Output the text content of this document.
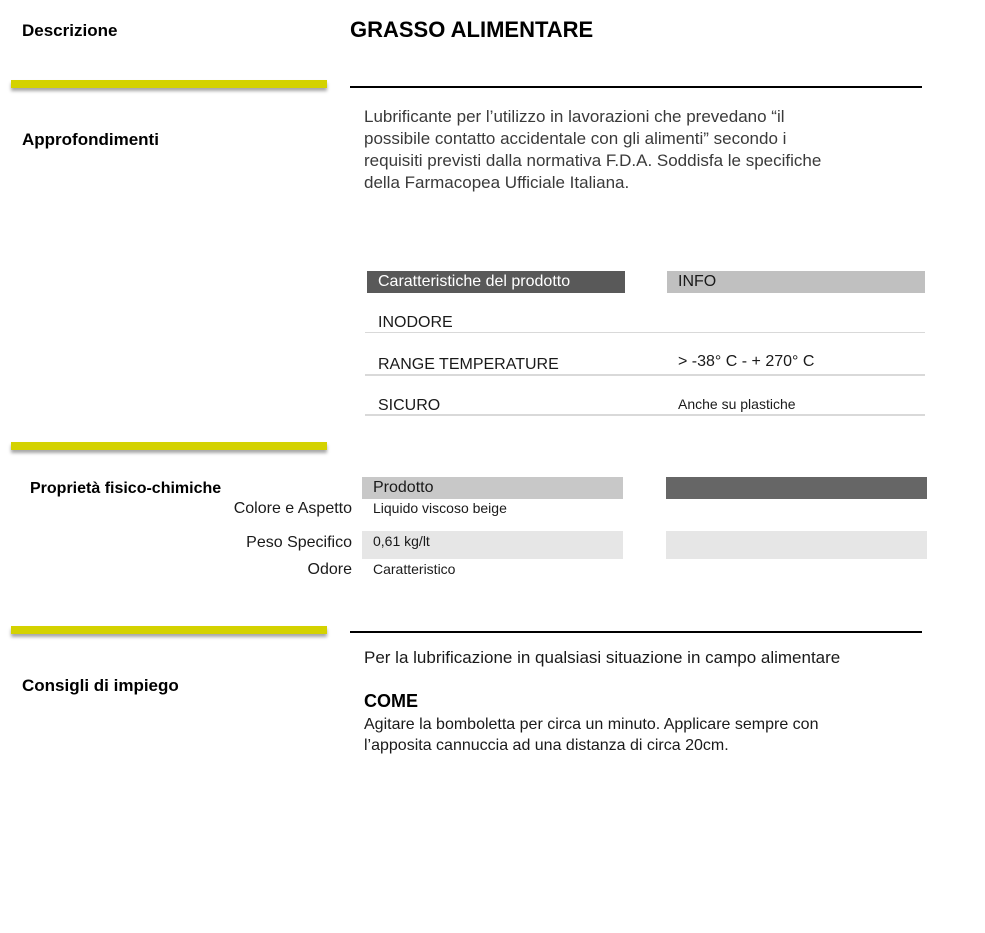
Descrizione	GRASSO ALIMENTARE
Approfondimenti
Lubrificante per l’utilizzo in lavorazioni che prevedano “il
possibile contatto accidentale con gli alimenti” secondo i
requisiti previsti dalla normativa F.D.A. Soddisfa le specifiche
della Farmacopea Ufficiale Italiana.
Caratteristiche del prodotto	INFO
INODORE
RANGE TEMPERATURE	> -38° C - + 270° C
SICURO	Anche su plastiche
Proprietà fisico-chimiche	Prodotto
Colore e Aspetto Liquido viscoso beige
Peso Specifico 0,61 kg/lt
Odore Caratteristico
Consigli di impiego
Per la lubrificazione in qualsiasi situazione in campo alimentare
COME
Agitare la bomboletta per circa un minuto. Applicare sempre con
l’apposita cannuccia ad una distanza di circa 20cm.
